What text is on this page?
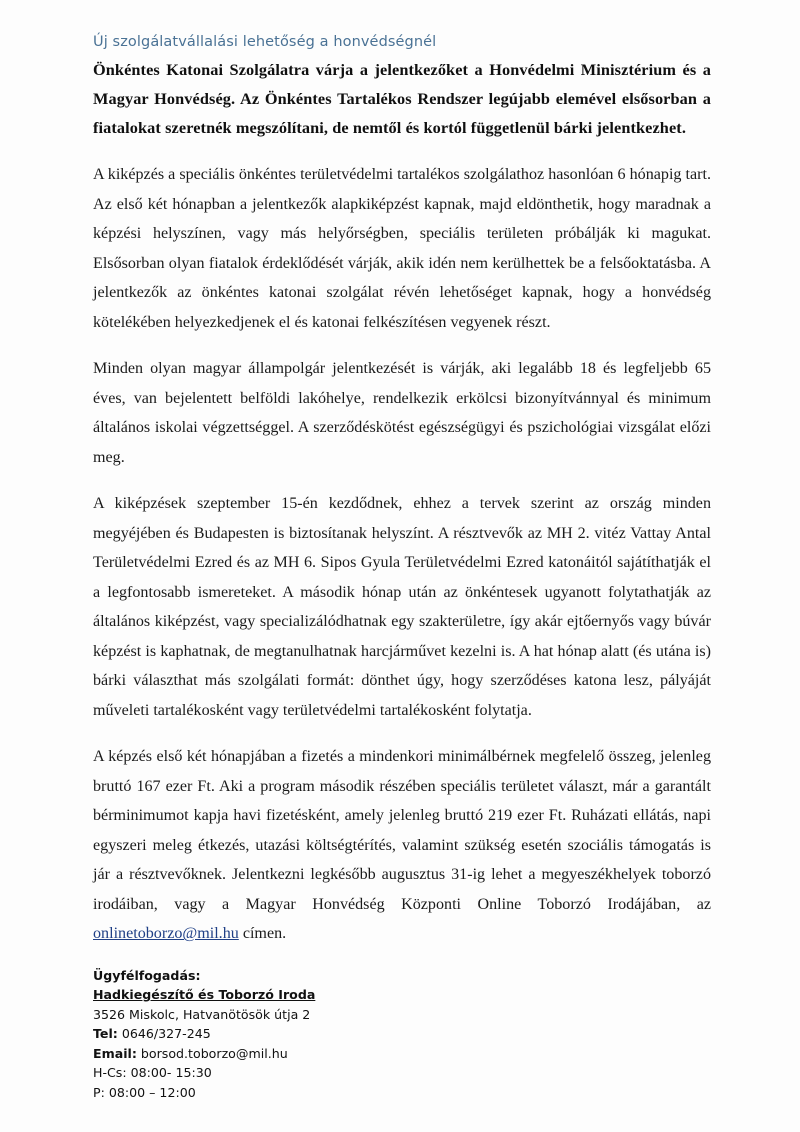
Új szolgálatvállalási lehetőség a honvédségnél

Önkéntes Katonai Szolgálatra várja a jelentkezőket a Honvédelmi Minisztérium és a Magyar Honvédség. Az Önkéntes Tartalékos Rendszer legújabb elemével elsősorban a fiatalokat szeretnék megszólítani, de nemtől és kortól függetlenül bárki jelentkezhet.

A kiképzés a speciális önkéntes területvédelmi tartalékos szolgálathoz hasonlóan 6 hónapig tart. Az első két hónapban a jelentkezők alapkiképzést kapnak, majd eldönthetik, hogy maradnak a képzési helyszínen, vagy más helyőrségben, speciális területen próbálják ki magukat. Elsősorban olyan fiatalok érdeklődését várják, akik idén nem kerülhettek be a felsőoktatásba. A jelentkezők az önkéntes katonai szolgálat révén lehetőséget kapnak, hogy a honvédség kötelékében helyezkedjenek el és katonai felkészítésen vegyenek részt.

Minden olyan magyar állampolgár jelentkezését is várják, aki legalább 18 és legfeljebb 65 éves, van bejelentett belföldi lakóhelye, rendelkezik erkölcsi bizonyítvánnyal és minimum általános iskolai végzettséggel. A szerződéskötést egészségügyi és pszichológiai vizsgálat előzi meg.

A kiképzések szeptember 15-én kezdődnek, ehhez a tervek szerint az ország minden megyéjében és Budapesten is biztosítanak helyszínt. A résztvevők az MH 2. vitéz Vattay Antal Területvédelmi Ezred és az MH 6. Sipos Gyula Területvédelmi Ezred katonáitól sajátíthatják el a legfontosabb ismereteket. A második hónap után az önkéntesek ugyanott folytathatják az általános kiképzést, vagy specializálódhatnak egy szakterületre, így akár ejtőernyős vagy búvár képzést is kaphatnak, de megtanulhatnak harcjárművet kezelni is. A hat hónap alatt (és utána is) bárki választhat más szolgálati formát: dönthet úgy, hogy szerződéses katona lesz, pályáját műveleti tartalékosként vagy területvédelmi tartalékosként folytatja.

A képzés első két hónapjában a fizetés a mindenkori minimálbérnek megfelelő összeg, jelenleg bruttó 167 ezer Ft. Aki a program második részében speciális területet választ, már a garantált bérminimumot kapja havi fizetésként, amely jelenleg bruttó 219 ezer Ft. Ruházati ellátás, napi egyszeri meleg étkezés, utazási költségtérítés, valamint szükség esetén szociális támogatás is jár a résztvevőknek. Jelentkezni legkésőbb augusztus 31-ig lehet a megyeszékhelyek toborzó irodáiban, vagy a Magyar Honvédség Központi Online Toborzó Irodájában, az onlinetoborzo@mil.hu címen.

Ügyfélfogadás:
Hadkiegészítő és Toborzó Iroda
3526 Miskolc, Hatvanötösök útja 2
Tel: 0646/327-245
Email: borsod.toborzo@mil.hu
H-Cs: 08:00- 15:30
P: 08:00 – 12:00
